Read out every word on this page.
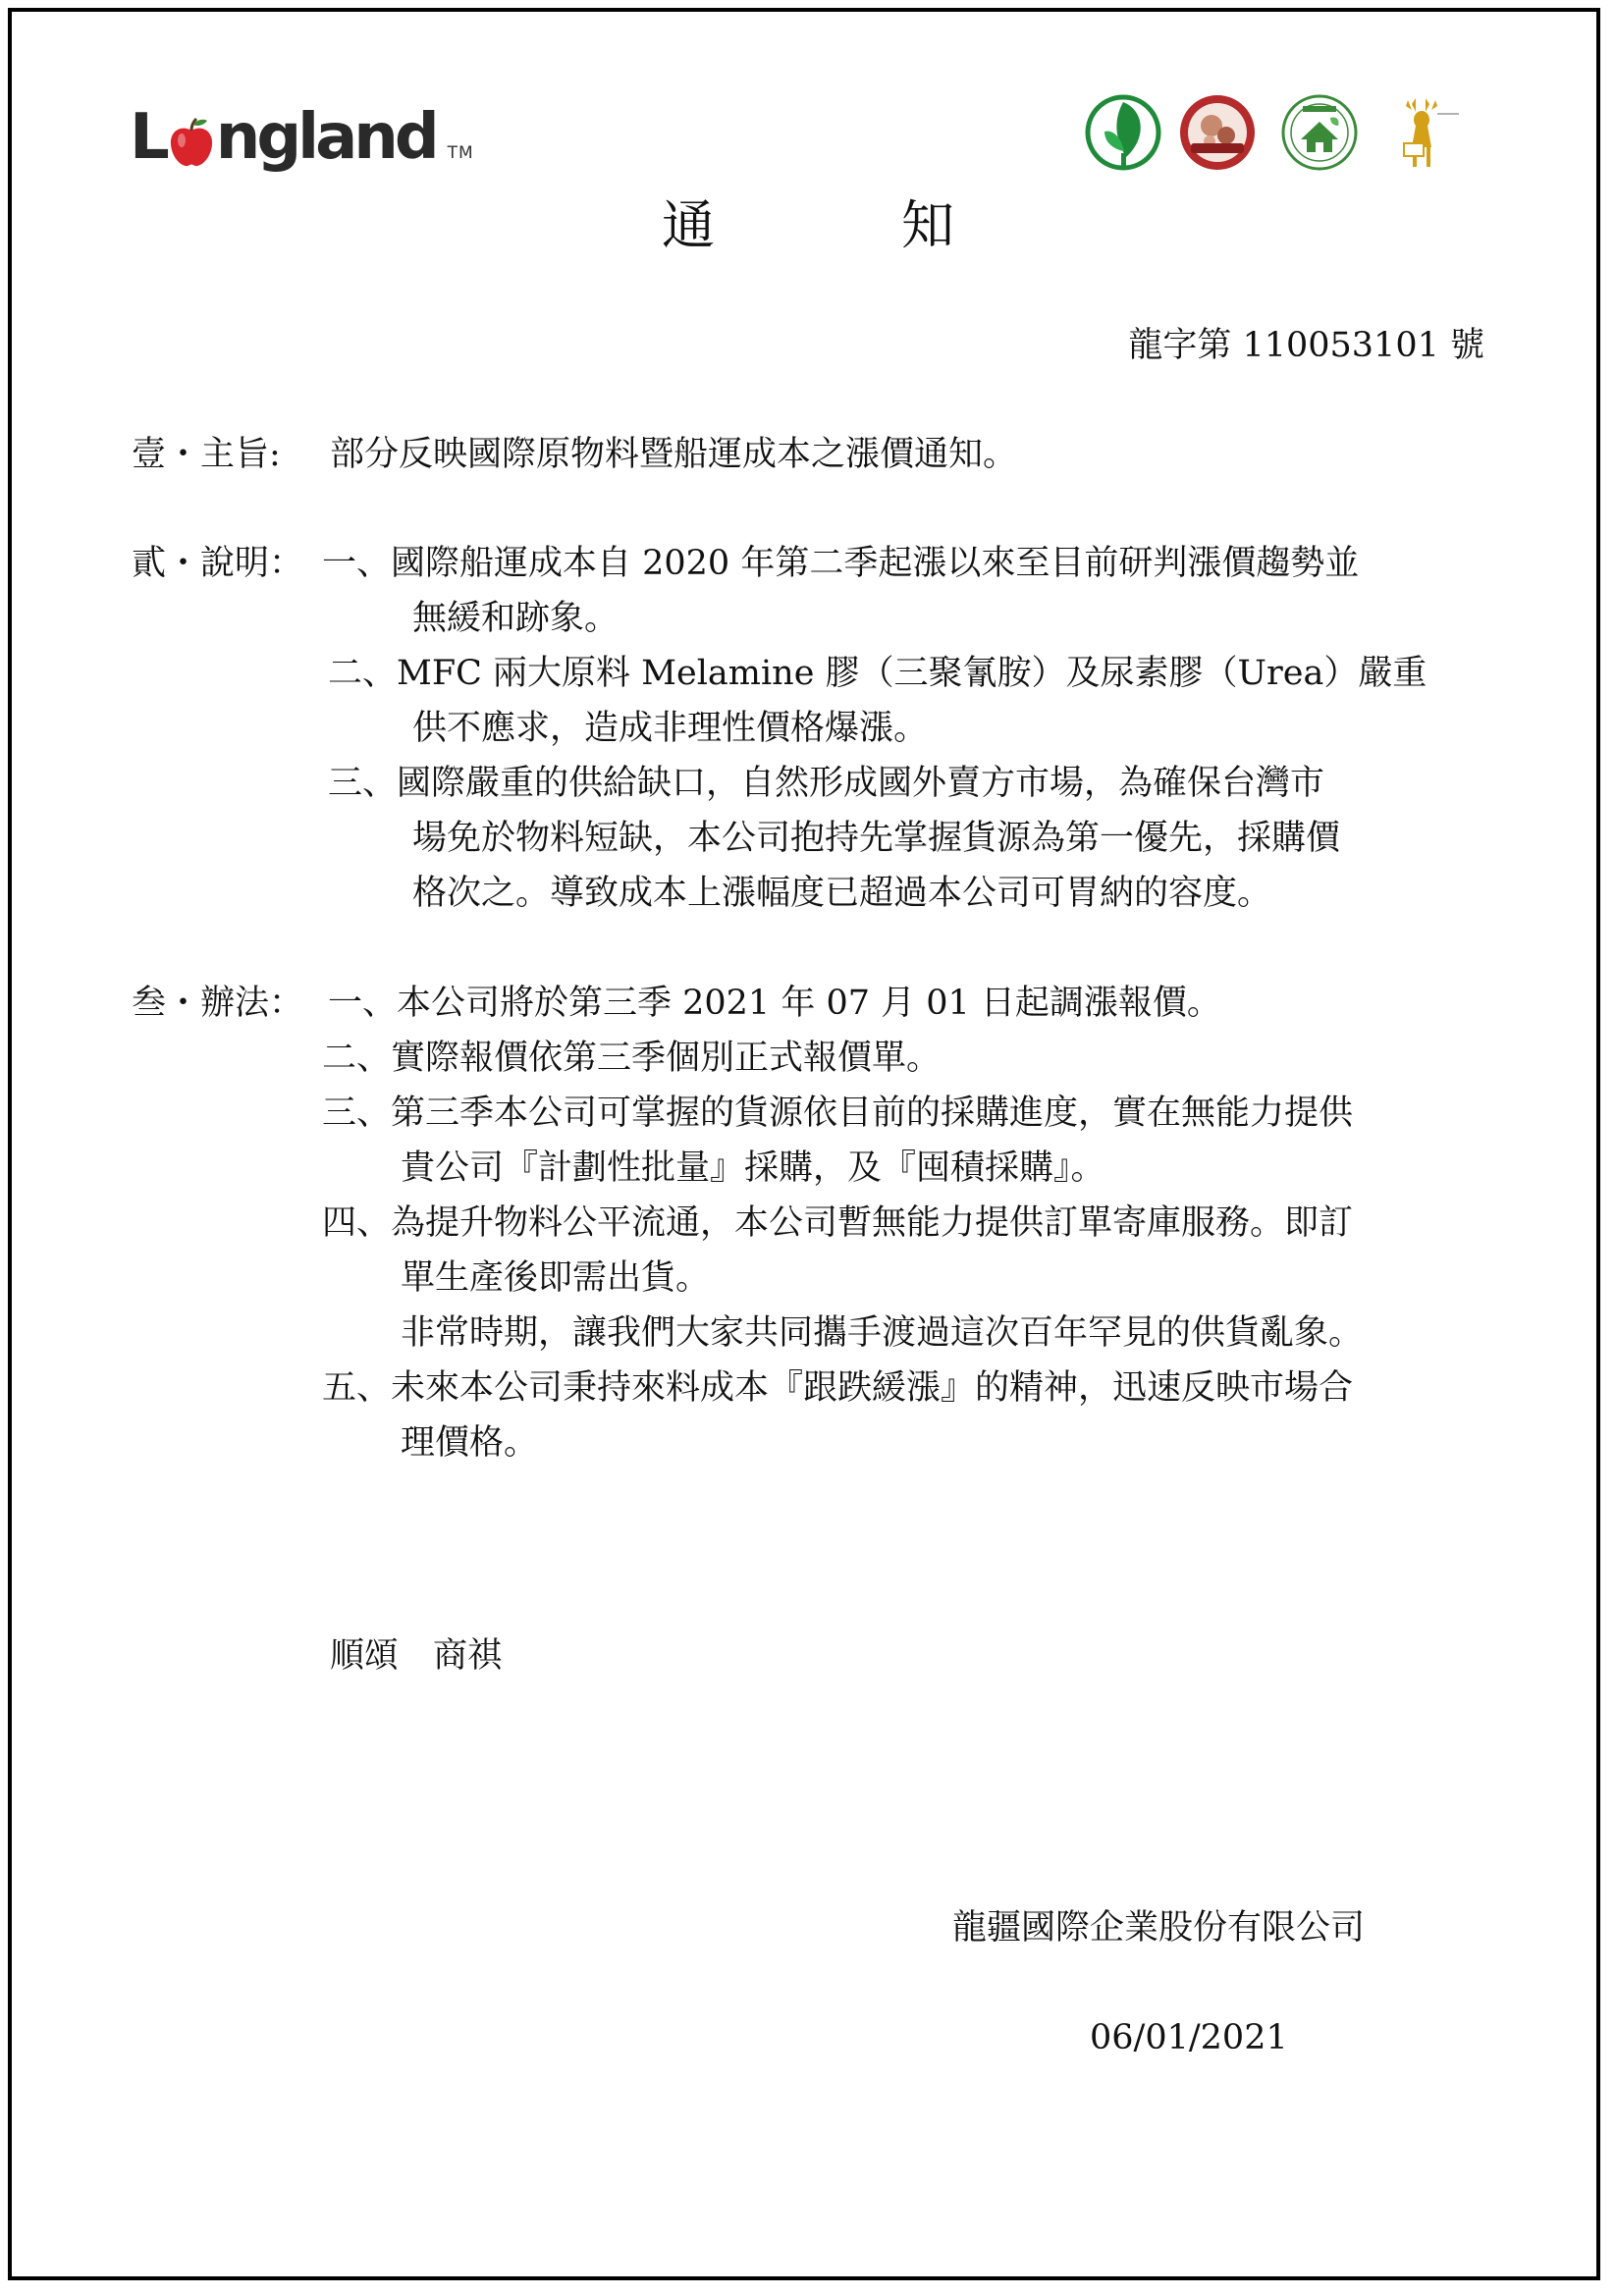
L ngland TM
通	知
龍字第 110053101 號
壹・主旨: 部分反映國際原物料暨船運成本之漲價通知。
貳・說明： 一、國際船運成本自 2020 年第二季起漲以來至目前研判漲價趨勢並
無緩和跡象。
二、MFC 兩大原料 Melamine 膠（三聚氰胺）及尿素膠（Urea）嚴重
供不應求，造成非理性價格爆漲。
三、國際嚴重的供給缺口，自然形成國外賣方市場，為確保台灣市
場免於物料短缺，本公司抱持先掌握貨源為第一優先，採購價
格次之。導致成本上漲幅度已超過本公司可胃納的容度。
叁・辦法： 一、本公司將於第三季 2021 年 07 月 01 日起調漲報價。
二、實際報價依第三季個別正式報價單。
三、第三季本公司可掌握的貨源依目前的採購進度，實在無能力提供
貴公司『計劃性批量』採購，及『囤積採購』。
四、為提升物料公平流通，本公司暫無能力提供訂單寄庫服務。即訂
單生產後即需出貨。
非常時期，讓我們大家共同攜手渡過這次百年罕見的供貨亂象。
五、未來本公司秉持來料成本『跟跌緩漲』的精神，迅速反映市場合
理價格。
順頌　商祺
龍疆國際企業股份有限公司
06/01/2021
